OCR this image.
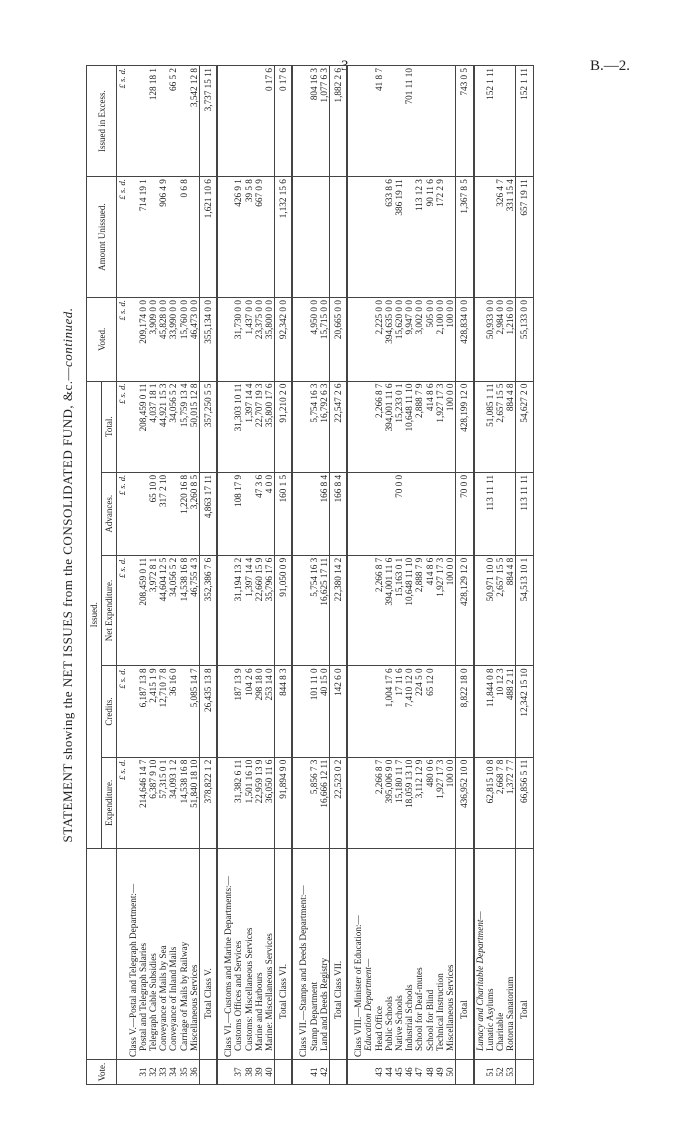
3	B.—2.
STATEMENT showing the NET ISSUES from the CONSOLIDATED FUND, &c.—continued.
Vote.		Issued.					Voted.	Amount Unissued.	Issued in Excess.
		Expenditure.	Credits.	Net Expenditure.	Advances.	Total.			
		£ s. d.	£ s. d.	£ s. d.	£ s. d.	£ s. d.	£ s. d.	£ s. d.	£ s. d.
	Class V.—Postal and Telegraph Department:—								
31	Postal and Telegraph Salaries	214,646 14 7	6,187 13 8	208,459 0 11		208,459 0 11	209,174 0 0	714 19 1	
32	Telegraph Cable Subsidies	6,387 9 10	2,415 1 9	3,972 8 1	65 10 0	4,037 18 1	3,909 0 0		128 18 1
33	Conveyance of Mails by Sea	57,315 0 1	12,710 7 8	44,604 12 5	317 2 10	44,921 15 3	45,828 0 0	906 4 9	
34	Conveyance of Inland Mails	34,093 1 2	36 16 0	34,056 5 2		34,056 5 2	33,990 0 0		66 5 2
35	Carriage of Mails by Railway	14,538 16 8		14,538 16 8	1,220 16 8	15,759 13 4	15,760 0 0	0 6 8	
36	Miscellaneous Services	51,840 18 10	5,085 14 7	46,755 4 3	3,260 8 5	50,015 12 8	46,473 0 0		3,542 12 8
	Total Class V.	378,822 1 2	26,435 13 8	352,386 7 6	4,863 17 11	357,250 5 5	355,134 0 0	1,621 10 6	3,737 15 11

	Class VI.—Customs and Marine Departments:—								
37	Customs Offices and Services	31,382 6 11	187 13 9	31,194 13 2	108 17 9	31,303 10 11	31,730 0 0	426 9 1	
38	Customs: Miscellaneous Services	1,501 16 10	104 2 6	1,397 14 4		1,397 14 4	1,437 0 0	39 5 8	
39	Marine and Harbours	22,959 13 9	298 18 0	22,660 15 9	47 3 6	22,707 19 3	23,375 0 0	667 0 9	
40	Marine: Miscellaneous Services	36,050 11 6	253 14 0	35,796 17 6	4 0 0	35,800 17 6	35,800 0 0		0 17 6
	Total Class VI.	91,894 9 0	844 8 3	91,050 0 9	160 1 5	91,210 2 0	92,342 0 0	1,132 15 6	0 17 6

	Class VII.—Stamps and Deeds Department:—								
41	Stamp Department	5,856 7 3	101 11 0	5,754 16 3		5,754 16 3	4,950 0 0		804 16 3
42	Land and Deeds Registry	16,666 12 11	40 15 0	16,625 17 11	166 8 4	16,792 6 3	15,715 0 0		1,077 6 3
	Total Class VII.	22,523 0 2	142 6 0	22,380 14 2	166 8 4	22,547 2 6	20,665 0 0		1,882 2 6

	Class VIII.—Minister of Education:—								
	Education Department—								
43	Head Office	2,266 8 7		2,266 8 7		2,266 8 7	2,225 0 0		41 8 7
44	Public Schools	395,006 9 0	1,004 17 6	394,001 11 6		394,001 11 6	394,635 0 0	633 8 6	
45	Native Schools	15,180 11 7	17 11 6	15,163 0 1	70 0 0	15,233 0 1	15,620 0 0	386 19 11	
46	Industrial Schools	18,059 13 10	7,410 12 0	10,648 11 10		10,648 11 10	9,947 0 0		701 11 10
47	School for Deaf-mutes	3,112 12 9	224 5 0	2,888 7 9		2,888 7 9	3,002 0 0	113 12 3	
48	School for Blind	480 0 6	65 12 0	414 8 6		414 8 6	505 0 0	90 11 6	
49	Technical Instruction	1,927 17 3		1,927 17 3		1,927 17 3	2,100 0 0	172 2 9	
50	Miscellaneous Services	100 0 0		100 0 0		100 0 0	100 0 0		
	Total	436,952 10 0	8,822 18 0	428,129 12 0	70 0 0	428,199 12 0	428,834 0 0	1,367 8 5	743 0 5
	Lunacy and Charitable Department—								
51	Lunatic Asylums	62,815 10 8	11,844 0 8	50,971 10 0	113 11 11	51,085 1 11	50,933 0 0		152 1 11
52	Charitable	2,668 7 8	10 12 3	2,657 15 5		2,657 15 5	2,984 0 0	326 4 7	
53	Rotorua Sanatorium	1,372 7 7	488 2 11	884 4 8		884 4 8	1,216 0 0	331 15 4	
	Total	66,856 5 11	12,342 15 10	54,513 10 1	113 11 11	54,627 2 0	55,133 0 0	657 19 11	152 1 11
